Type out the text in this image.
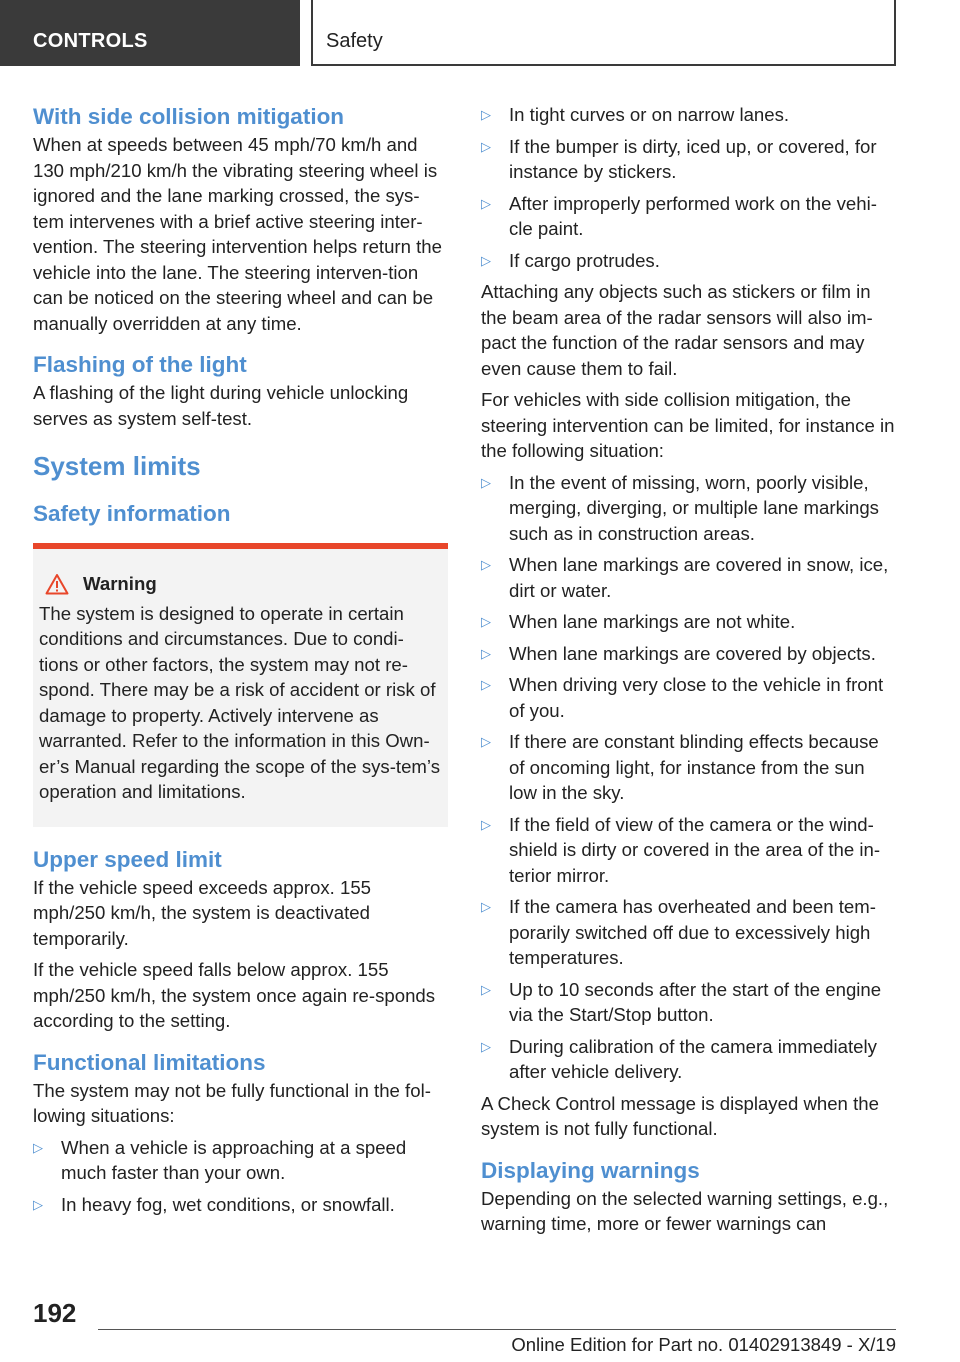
CONTROLS	Safety
With side collision mitigation
When at speeds between 45 mph/70 km/h and 130 mph/210 km/h the vibrating steering wheel is ignored and the lane marking crossed, the sys-tem intervenes with a brief active steering inter-vention. The steering intervention helps return the vehicle into the lane. The steering interven-tion can be noticed on the steering wheel and can be manually overridden at any time.
Flashing of the light
A flashing of the light during vehicle unlocking serves as system self-test.
System limits
Safety information
Warning
The system is designed to operate in certain conditions and circumstances. Due to condi-tions or other factors, the system may not re-spond. There may be a risk of accident or risk of damage to property. Actively intervene as warranted. Refer to the information in this Own-er’s Manual regarding the scope of the sys-tem’s operation and limitations.
Upper speed limit
If the vehicle speed exceeds approx. 155 mph/250 km/h, the system is deactivated temporarily.
If the vehicle speed falls below approx. 155 mph/250 km/h, the system once again re-sponds according to the setting.
Functional limitations
The system may not be fully functional in the fol-lowing situations:
▷ When a vehicle is approaching at a speed much faster than your own.
▷ In heavy fog, wet conditions, or snowfall.
▷ In tight curves or on narrow lanes.
▷ If the bumper is dirty, iced up, or covered, for instance by stickers.
▷ After improperly performed work on the vehi-cle paint.
▷ If cargo protrudes.
Attaching any objects such as stickers or film in the beam area of the radar sensors will also im-pact the function of the radar sensors and may even cause them to fail.
For vehicles with side collision mitigation, the steering intervention can be limited, for instance in the following situation:
▷ In the event of missing, worn, poorly visible, merging, diverging, or multiple lane markings such as in construction areas.
▷ When lane markings are covered in snow, ice, dirt or water.
▷ When lane markings are not white.
▷ When lane markings are covered by objects.
▷ When driving very close to the vehicle in front of you.
▷ If there are constant blinding effects because of oncoming light, for instance from the sun low in the sky.
▷ If the field of view of the camera or the wind-shield is dirty or covered in the area of the in-terior mirror.
▷ If the camera has overheated and been tem-porarily switched off due to excessively high temperatures.
▷ Up to 10 seconds after the start of the engine via the Start/Stop button.
▷ During calibration of the camera immediately after vehicle delivery.
A Check Control message is displayed when the system is not fully functional.
Displaying warnings
Depending on the selected warning settings, e.g., warning time, more or fewer warnings can
192
Online Edition for Part no. 01402913849 - X/19
